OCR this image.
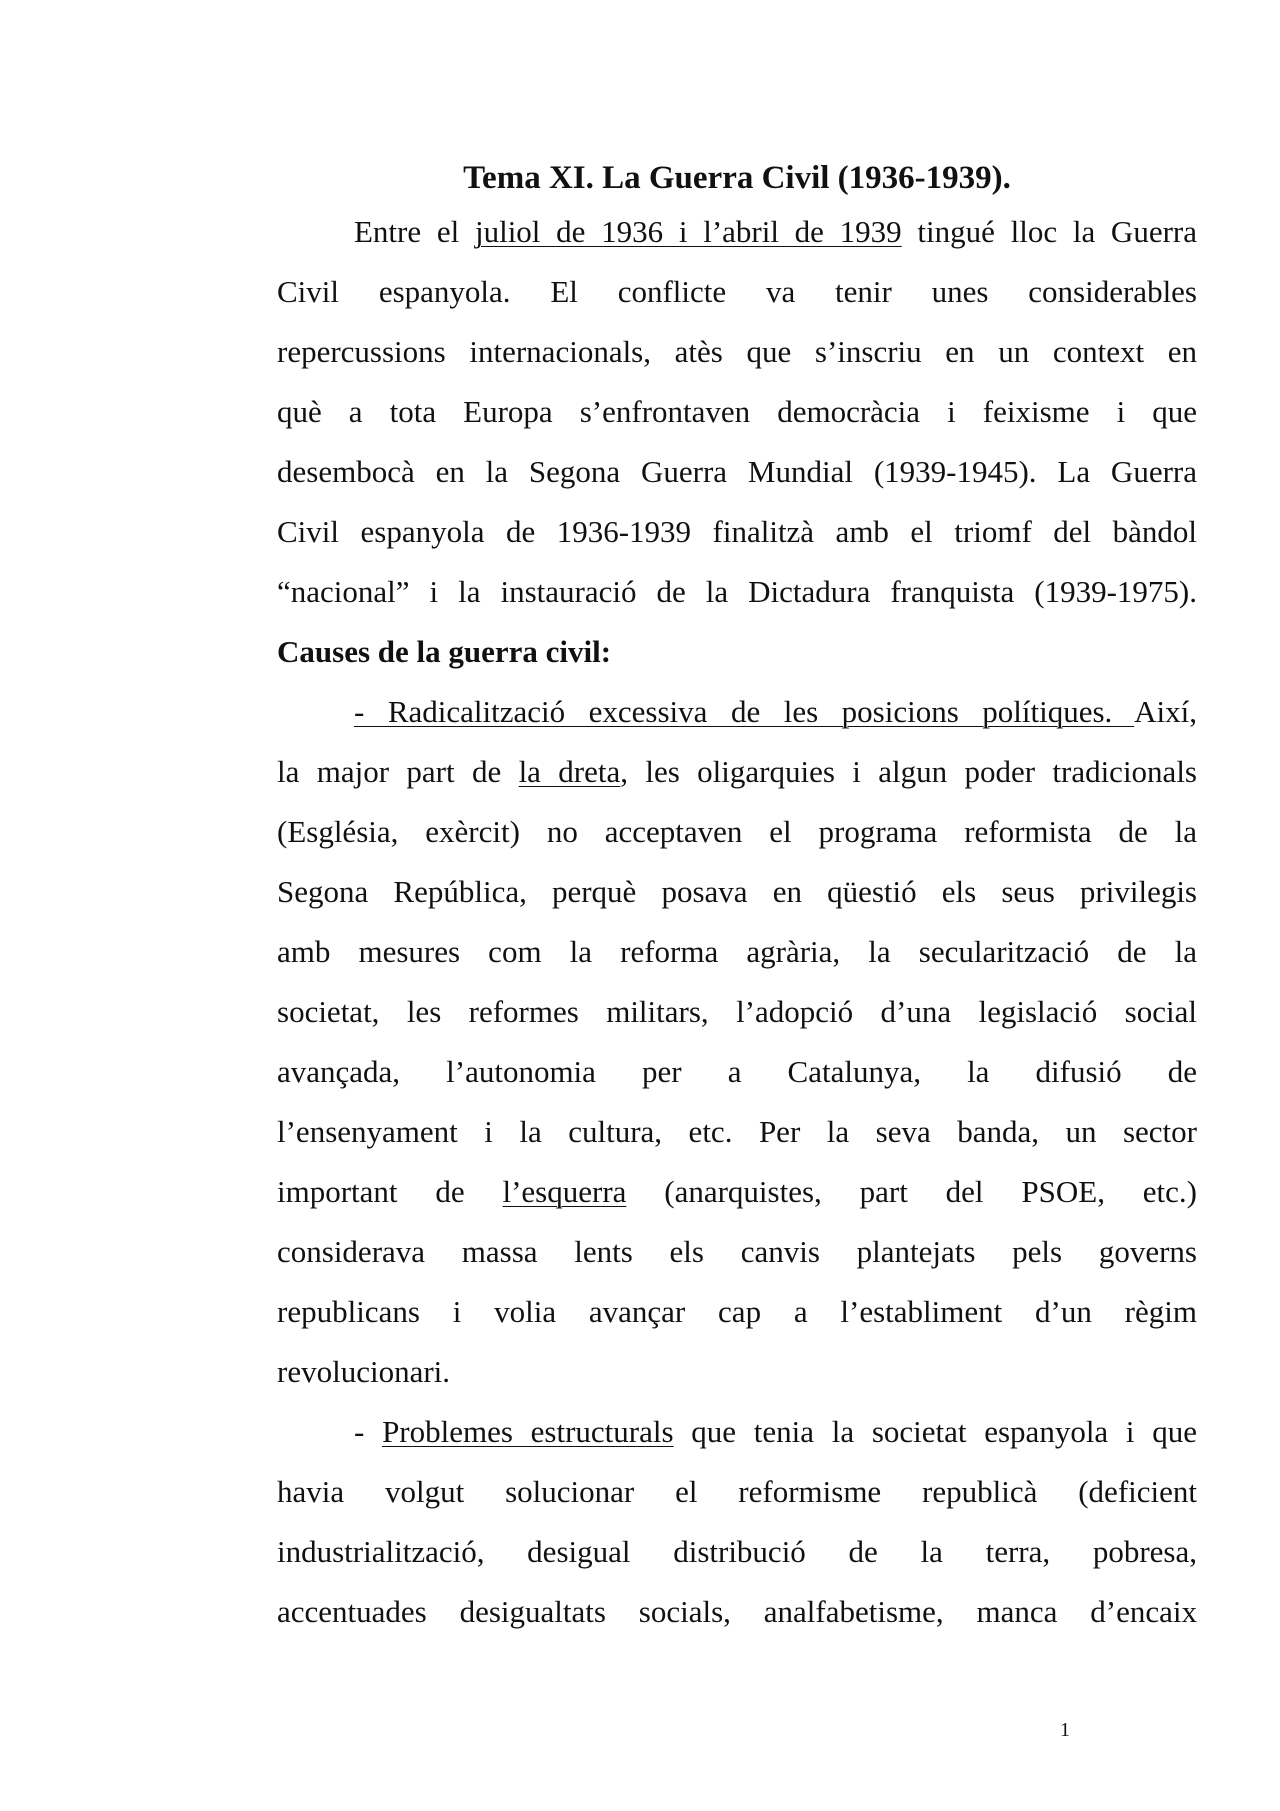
Tema XI. La Guerra Civil (1936-1939).

Entre el juliol de 1936 i l’abril de 1939 tingué lloc la Guerra

Civil espanyola. El conflicte va tenir unes considerables

repercussions internacionals, atès que s’inscriu en un context en

què a tota Europa s’enfrontaven democràcia i feixisme i que

desembocà en la Segona Guerra Mundial (1939-1945). La Guerra

Civil espanyola de 1936-1939 finalitzà amb el triomf del bàndol

“nacional” i la instauració de la Dictadura franquista (1939-1975).

Causes de la guerra civil:

- Radicalització excessiva de les posicions polítiques. Així,

la major part de la dreta, les oligarquies i algun poder tradicionals

(Església, exèrcit) no acceptaven el programa reformista de la

Segona República, perquè posava en qüestió els seus privilegis

amb mesures com la reforma agrària, la secularització de la

societat, les reformes militars, l’adopció d’una legislació social

avançada, l’autonomia per a Catalunya, la difusió de

l’ensenyament i la cultura, etc. Per la seva banda, un sector

important de l’esquerra (anarquistes, part del PSOE, etc.)

considerava massa lents els canvis plantejats pels governs

republicans i volia avançar cap a l’establiment d’un règim

revolucionari.

- Problemes estructurals que tenia la societat espanyola i que

havia volgut solucionar el reformisme republicà (deficient

industrialització, desigual distribució de la terra, pobresa,

accentuades desigualtats socials, analfabetisme, manca d’encaix

1
